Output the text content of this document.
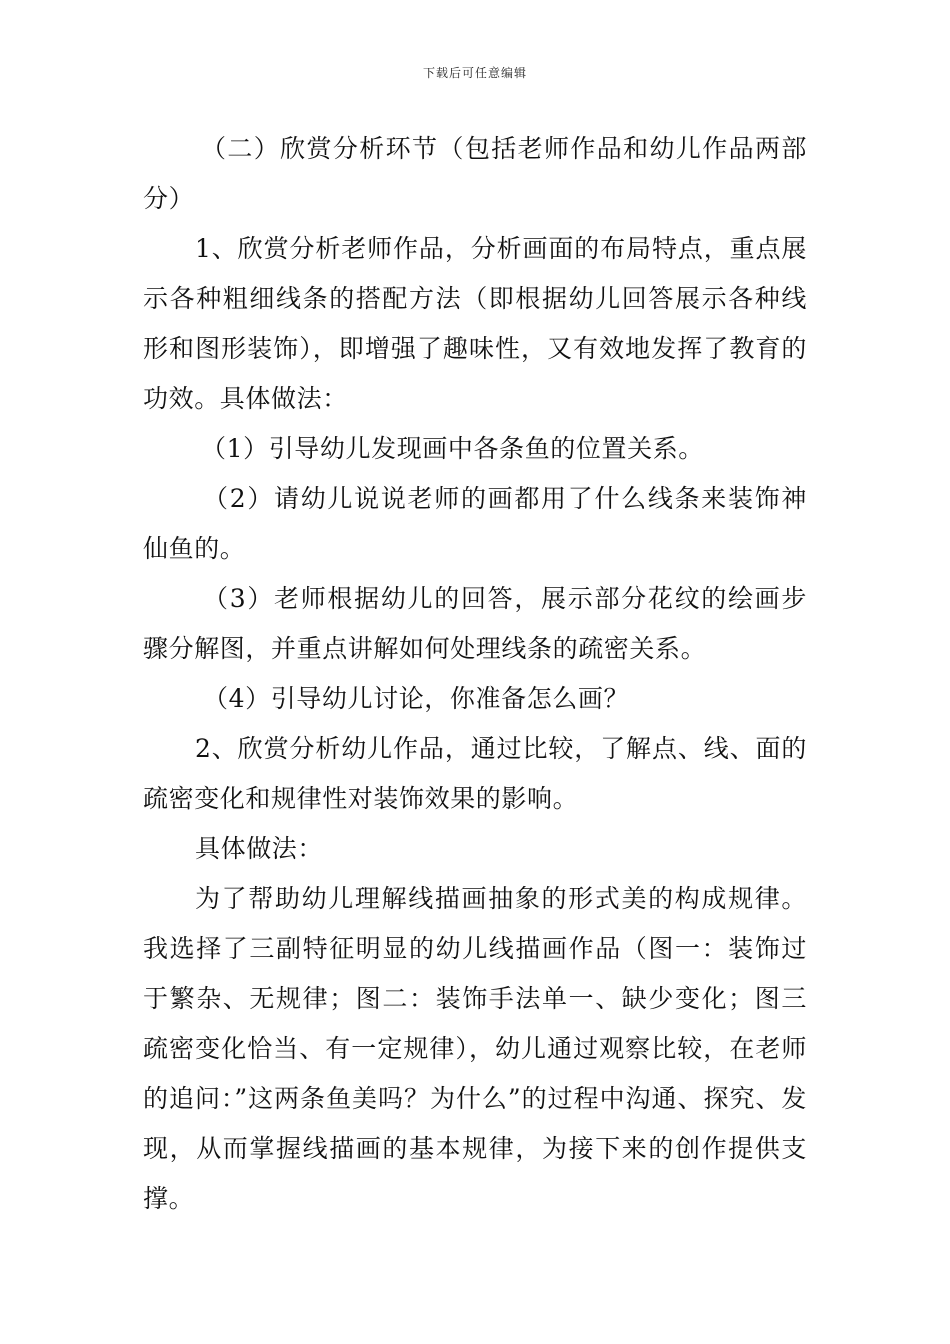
下载后可任意编辑

（二）欣赏分析环节（包括老师作品和幼儿作品两部分）

1、欣赏分析老师作品，分析画面的布局特点，重点展示各种粗细线条的搭配方法（即根据幼儿回答展示各种线形和图形装饰），即增强了趣味性，又有效地发挥了教育的功效。具体做法：

（1）引导幼儿发现画中各条鱼的位置关系。

（2）请幼儿说说老师的画都用了什么线条来装饰神仙鱼的。

（3）老师根据幼儿的回答，展示部分花纹的绘画步骤分解图，并重点讲解如何处理线条的疏密关系。

（4）引导幼儿讨论，你准备怎么画？

2、欣赏分析幼儿作品，通过比较，了解点、线、面的疏密变化和规律性对装饰效果的影响。

具体做法：

为了帮助幼儿理解线描画抽象的形式美的构成规律。我选择了三副特征明显的幼儿线描画作品（图一：装饰过于繁杂、无规律；图二：装饰手法单一、缺少变化；图三疏密变化恰当、有一定规律），幼儿通过观察比较，在老师的追问：”这两条鱼美吗？为什么”的过程中沟通、探究、发现，从而掌握线描画的基本规律，为接下来的创作提供支撑。
